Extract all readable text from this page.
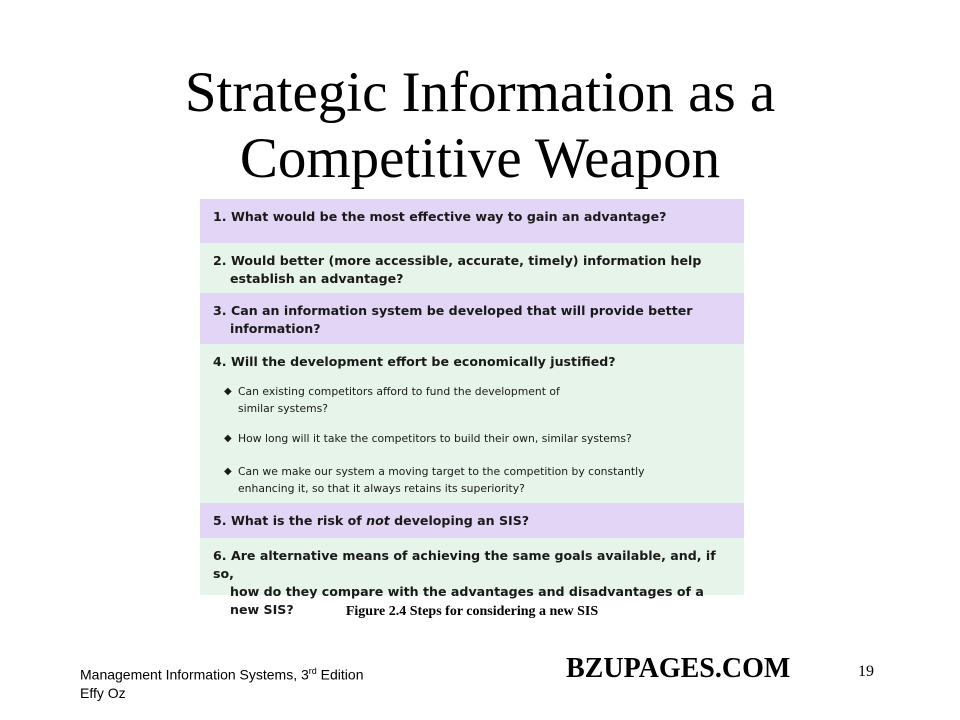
Strategic Information as a
Competitive Weapon
1. What would be the most effective way to gain an advantage?
2. Would better (more accessible, accurate, timely) information help
establish an advantage?
3. Can an information system be developed that will provide better
information?
4. Will the development effort be economically justified?
◆ Can existing competitors afford to fund the development of
similar systems?
◆ How long will it take the competitors to build their own, similar systems?
◆ Can we make our system a moving target to the competition by constantly
enhancing it, so that it always retains its superiority?
5. What is the risk of not developing an SIS?
6. Are alternative means of achieving the same goals available, and, if so,
how do they compare with the advantages and disadvantages of a new SIS?	Figure 2.4 Steps for considering a new SIS
Management Information Systems, 3rd Edition
Effy Oz
BZUPAGES.COM	19
